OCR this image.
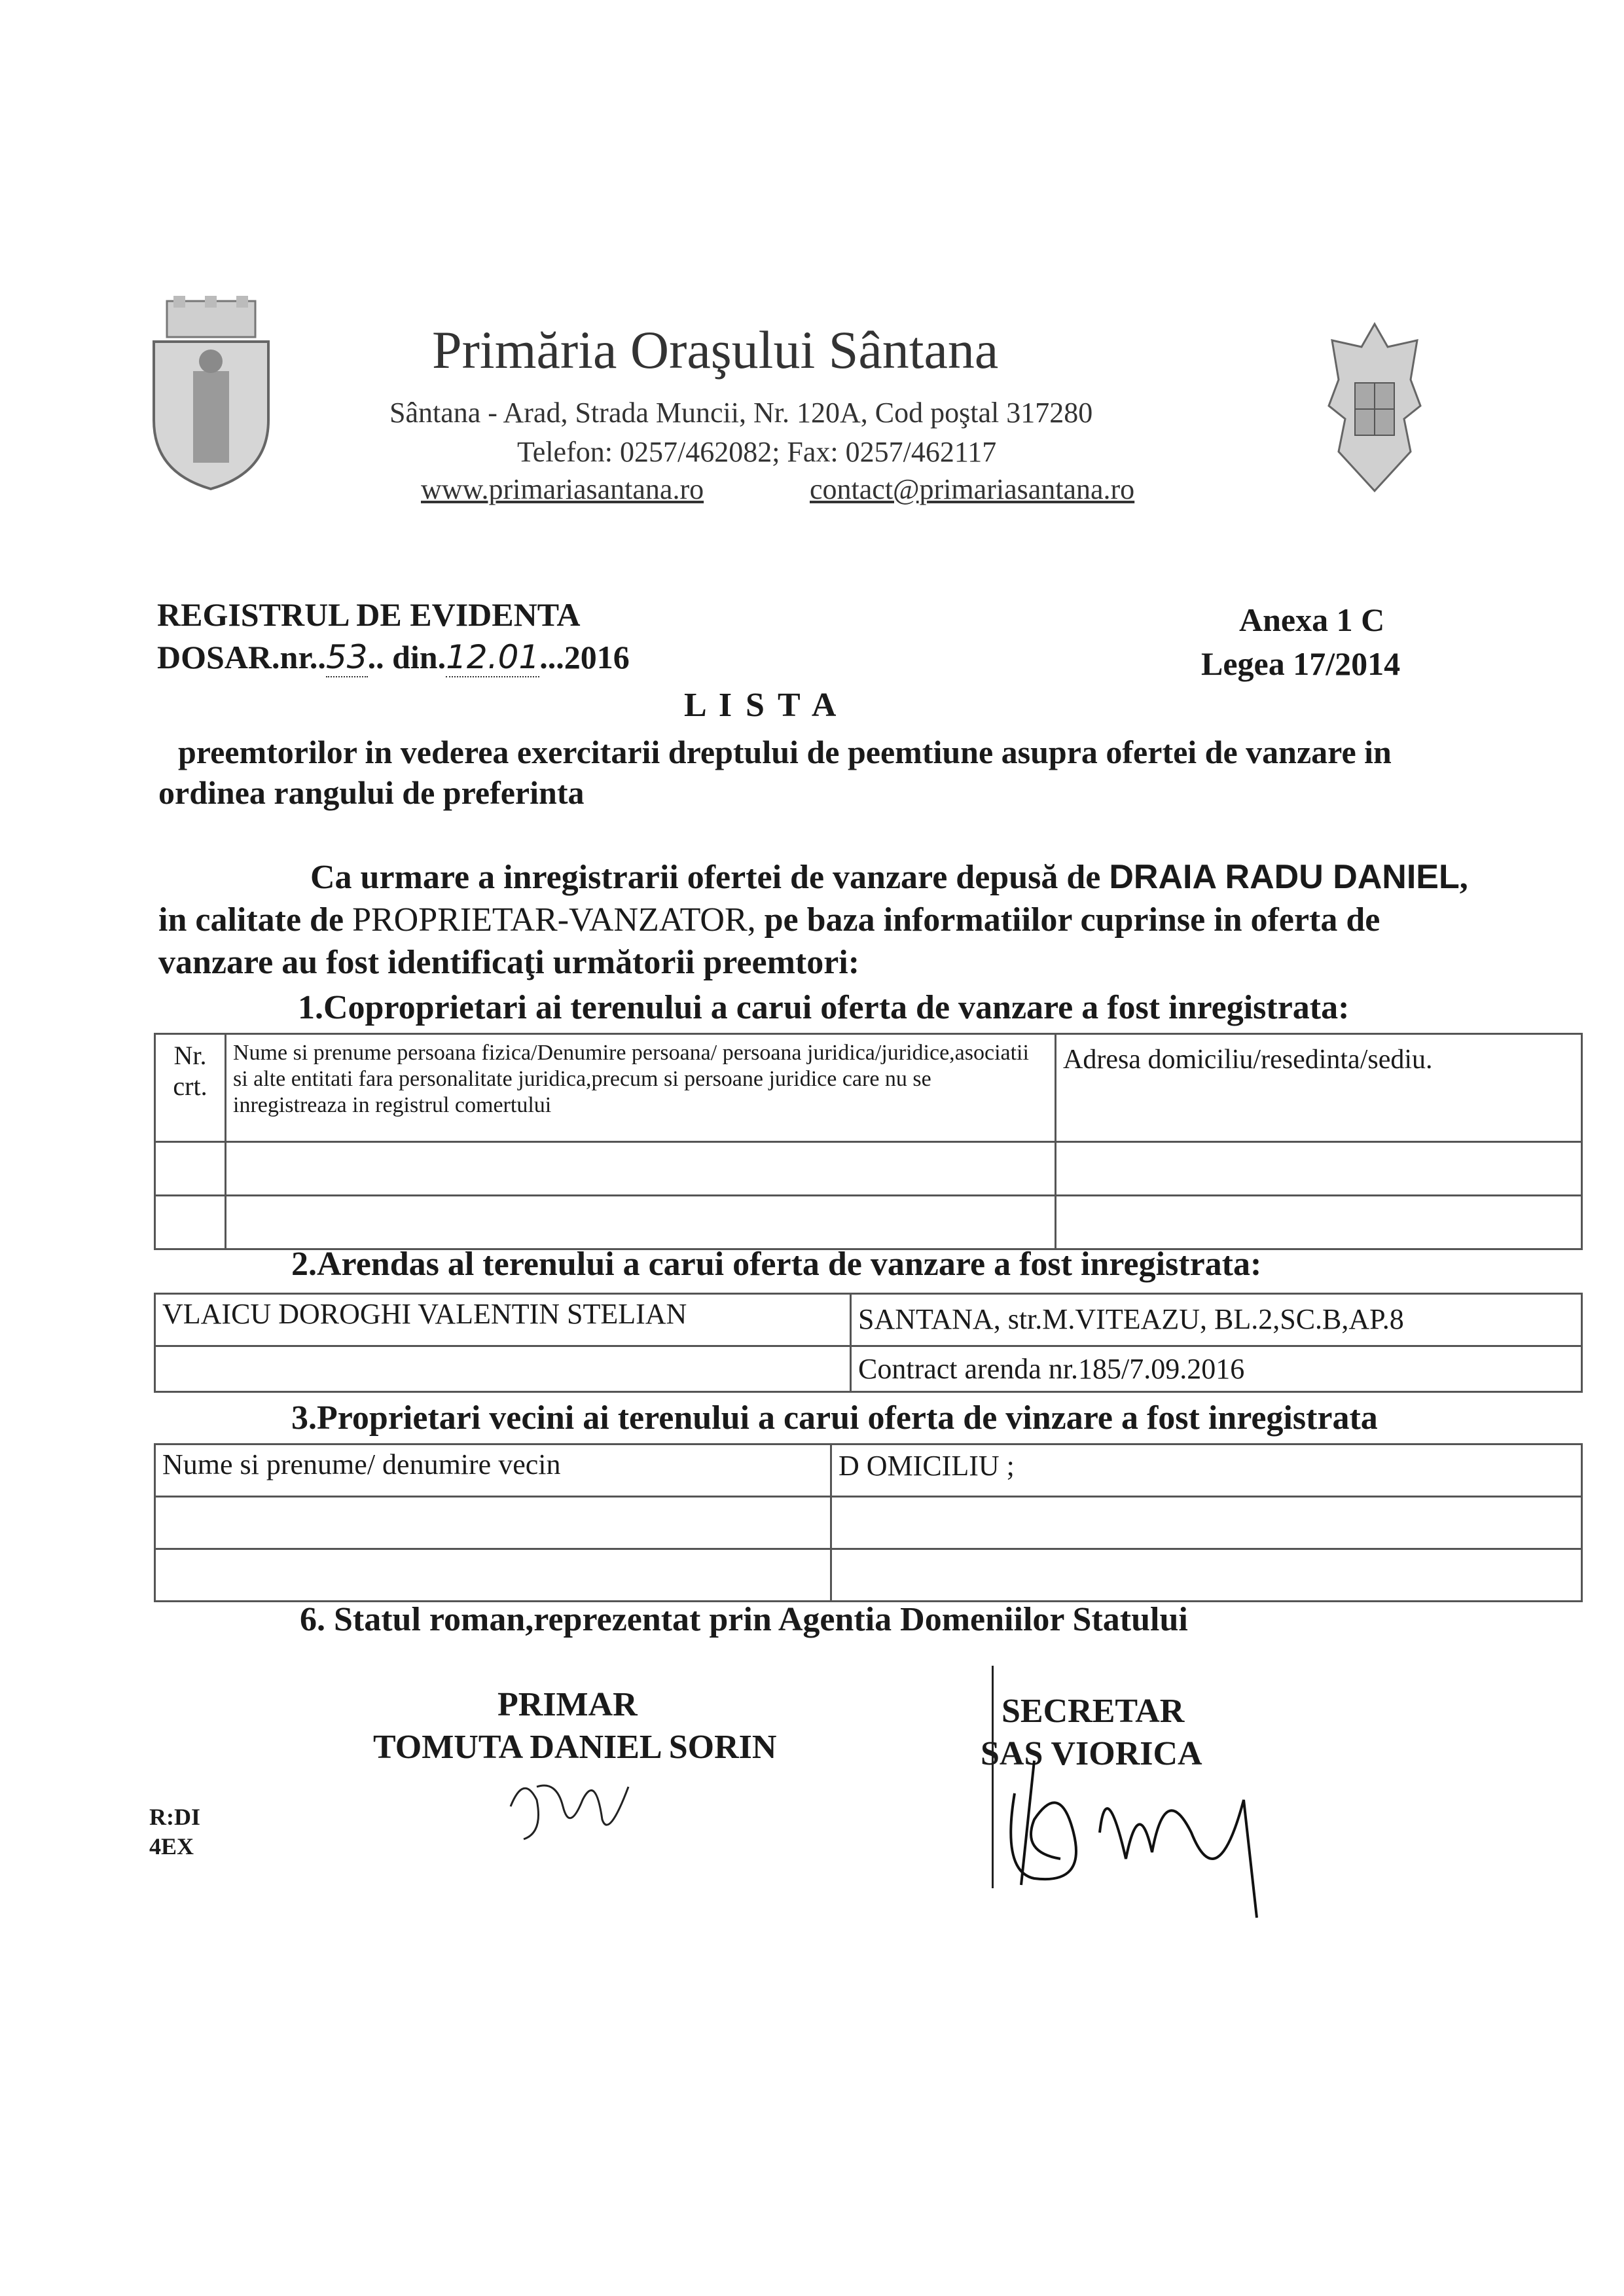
Primăria Oraşului Sântana
Sântana - Arad, Strada Muncii, Nr. 120A, Cod poştal 317280
Telefon: 0257/462082; Fax: 0257/462117
www.primariasantana.ro	contact@primariasantana.ro
REGISTRUL DE EVIDENTA
DOSAR.nr..53.. din.12.01...2016
Anexa 1 C
Legea 17/2014
L I S T A
preemtorilor in vederea exercitarii dreptului de peemtiune asupra ofertei de vanzare in ordinea rangului de preferinta
Ca urmare a inregistrarii ofertei de vanzare depusă de DRAIA RADU DANIEL, in calitate de PROPRIETAR-VANZATOR, pe baza informatiilor cuprinse in oferta de vanzare au fost identificaţi următorii preemtori:
1.Coproprietari ai terenului a carui oferta de vanzare a fost inregistrata:
Nr. crt.	Nume si prenume persoana fizica/Denumire persoana/ persoana juridica/juridice,asociatii si alte entitati fara personalitate juridica,precum si persoane juridice care nu se inregistreaza in registrul comertului	Adresa domiciliu/resedinta/sediu.

2.Arendas al terenului a carui oferta de vanzare a fost inregistrata:
VLAICU DOROGHI VALENTIN STELIAN	SANTANA, str.M.VITEAZU, BL.2,SC.B,AP.8
	Contract arenda nr.185/7.09.2016
3.Proprietari vecini ai terenului a carui oferta de vinzare a fost inregistrata
Nume si prenume/ denumire vecin	D OMICILIU ;

6. Statul roman,reprezentat prin Agentia Domeniilor Statului
PRIMAR
TOMUTA DANIEL SORIN
SECRETAR
SAS VIORICA
R:DI
4EX
